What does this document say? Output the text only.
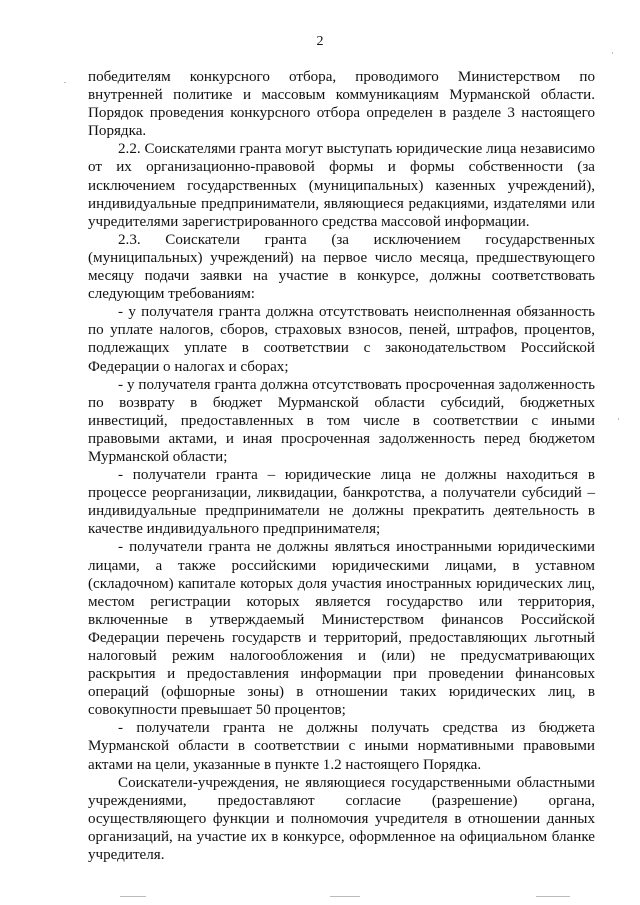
2

победителям конкурсного отбора, проводимого Министерством по внутренней политике и массовым коммуникациям Мурманской области. Порядок проведения конкурсного отбора определен в разделе 3 настоящего Порядка.

2.2. Соискателями гранта могут выступать юридические лица независимо от их организационно-правовой формы и формы собственности (за исключением государственных (муниципальных) казенных учреждений), индивидуальные предприниматели, являющиеся редакциями, издателями или учредителями зарегистрированного средства массовой информации.

2.3. Соискатели гранта (за исключением государственных (муниципальных) учреждений) на первое число месяца, предшествующего месяцу подачи заявки на участие в конкурсе, должны соответствовать следующим требованиям:

- у получателя гранта должна отсутствовать неисполненная обязанность по уплате налогов, сборов, страховых взносов, пеней, штрафов, процентов, подлежащих уплате в соответствии с законодательством Российской Федерации о налогах и сборах;

- у получателя гранта должна отсутствовать просроченная задолженность по возврату в бюджет Мурманской области субсидий, бюджетных инвестиций, предоставленных в том числе в соответствии с иными правовыми актами, и иная просроченная задолженность перед бюджетом Мурманской области;

- получатели гранта – юридические лица не должны находиться в процессе реорганизации, ликвидации, банкротства, а получатели субсидий – индивидуальные предприниматели не должны прекратить деятельность в качестве индивидуального предпринимателя;

- получатели гранта не должны являться иностранными юридическими лицами, а также российскими юридическими лицами, в уставном (складочном) капитале которых доля участия иностранных юридических лиц, местом регистрации которых является государство или территория, включенные в утверждаемый Министерством финансов Российской Федерации перечень государств и территорий, предоставляющих льготный налоговый режим налогообложения и (или) не предусматривающих раскрытия и предоставления информации при проведении финансовых операций (офшорные зоны) в отношении таких юридических лиц, в совокупности превышает 50 процентов;

- получатели гранта не должны получать средства из бюджета Мурманской области в соответствии с иными нормативными правовыми актами на цели, указанные в пункте 1.2 настоящего Порядка.

Соискатели-учреждения, не являющиеся государственными областными учреждениями, предоставляют согласие (разрешение) органа, осуществляющего функции и полномочия учредителя в отношении данных организаций, на участие их в конкурсе, оформленное на официальном бланке учредителя.
